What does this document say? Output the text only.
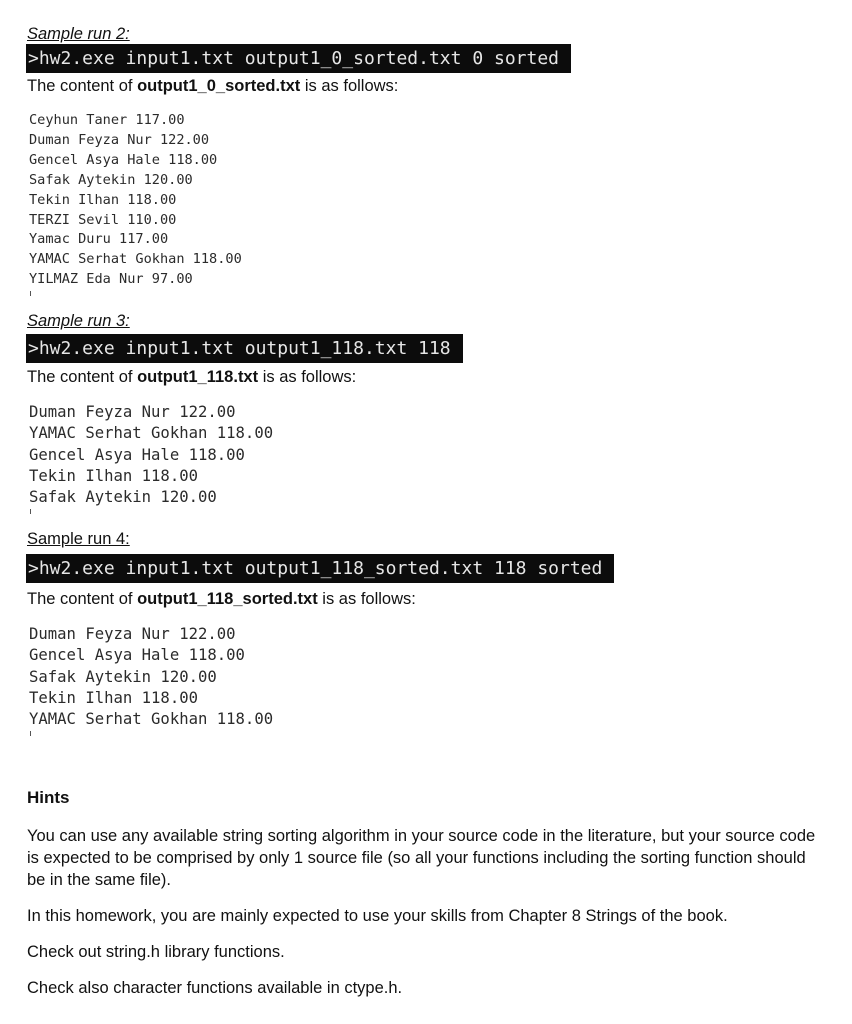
Sample run 2:
>hw2.exe input1.txt output1_0_sorted.txt 0 sorted
The content of output1_0_sorted.txt is as follows:
Ceyhun Taner 117.00
Duman Feyza Nur 122.00
Gencel Asya Hale 118.00
Safak Aytekin 120.00
Tekin Ilhan 118.00
TERZI Sevil 110.00
Yamac Duru 117.00
YAMAC Serhat Gokhan 118.00
YILMAZ Eda Nur 97.00
Sample run 3:
>hw2.exe input1.txt output1_118.txt 118
The content of output1_118.txt is as follows:
Duman Feyza Nur 122.00
YAMAC Serhat Gokhan 118.00
Gencel Asya Hale 118.00
Tekin Ilhan 118.00
Safak Aytekin 120.00
Sample run 4:
>hw2.exe input1.txt output1_118_sorted.txt 118 sorted
The content of output1_118_sorted.txt is as follows:
Duman Feyza Nur 122.00
Gencel Asya Hale 118.00
Safak Aytekin 120.00
Tekin Ilhan 118.00
YAMAC Serhat Gokhan 118.00
Hints
You can use any available string sorting algorithm in your source code in the literature, but your source code is expected to be comprised by only 1 source file (so all your functions including the sorting function should be in the same file).
In this homework, you are mainly expected to use your skills from Chapter 8 Strings of the book.
Check out string.h library functions.
Check also character functions available in ctype.h.
